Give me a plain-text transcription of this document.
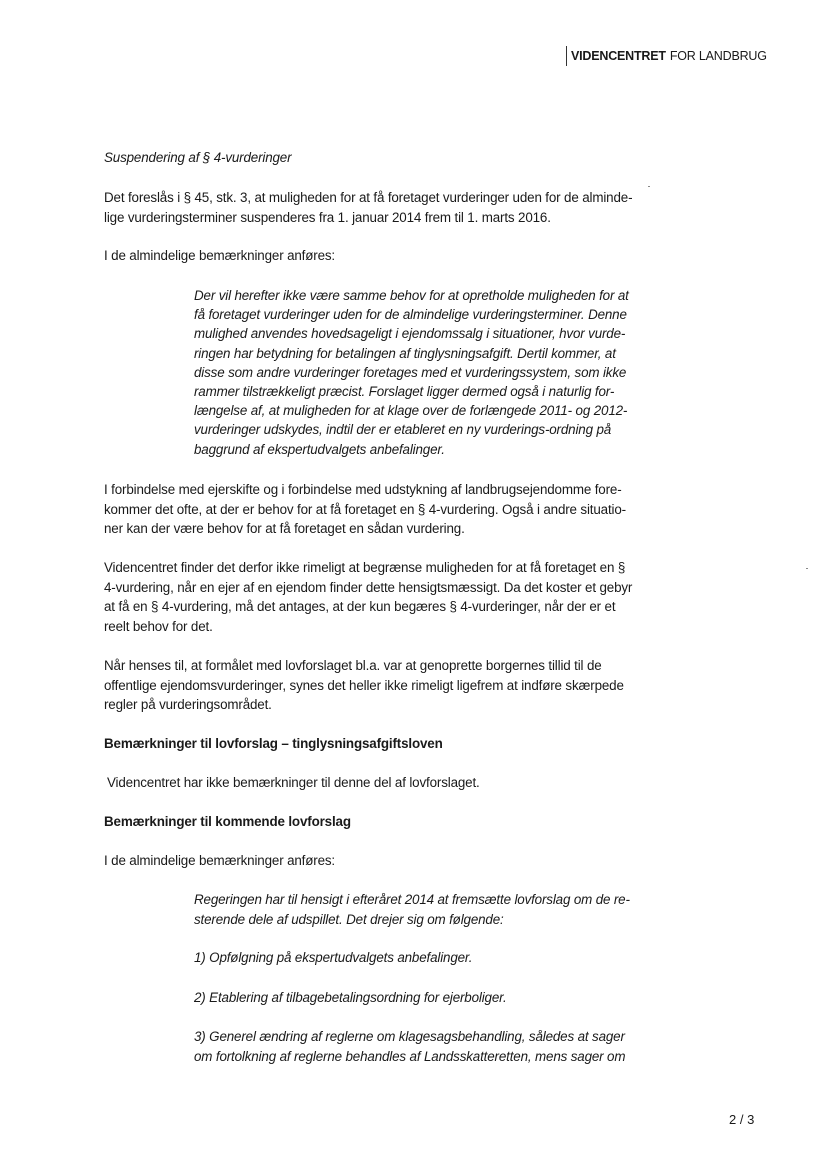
VIDENCENTRET FOR LANDBRUG

Suspendering af § 4-vurderinger

Det foreslås i § 45, stk. 3, at muligheden for at få foretaget vurderinger uden for de alminde-
lige vurderingsterminer suspenderes fra 1. januar 2014 frem til 1. marts 2016.

I de almindelige bemærkninger anføres:

Der vil herefter ikke være samme behov for at opretholde muligheden for at
få foretaget vurderinger uden for de almindelige vurderingsterminer. Denne
mulighed anvendes hovedsageligt i ejendomssalg i situationer, hvor vurde-
ringen har betydning for betalingen af tinglysningsafgift. Dertil kommer, at
disse som andre vurderinger foretages med et vurderingssystem, som ikke
rammer tilstrækkeligt præcist. Forslaget ligger dermed også i naturlig for-
længelse af, at muligheden for at klage over de forlængede 2011- og 2012-
vurderinger udskydes, indtil der er etableret en ny vurderings-ordning på
baggrund af ekspertudvalgets anbefalinger.

I forbindelse med ejerskifte og i forbindelse med udstykning af landbrugsejendomme fore-
kommer det ofte, at der er behov for at få foretaget en § 4-vurdering. Også i andre situatio-
ner kan der være behov for at få foretaget en sådan vurdering.

Videncentret finder det derfor ikke rimeligt at begrænse muligheden for at få foretaget en §
4-vurdering, når en ejer af en ejendom finder dette hensigtsmæssigt. Da det koster et gebyr
at få en § 4-vurdering, må det antages, at der kun begæres § 4-vurderinger, når der er et
reelt behov for det.

Når henses til, at formålet med lovforslaget bl.a. var at genoprette borgernes tillid til de
offentlige ejendomsvurderinger, synes det heller ikke rimeligt ligefrem at indføre skærpede
regler på vurderingsområdet.

Bemærkninger til lovforslag – tinglysningsafgiftsloven

Videncentret har ikke bemærkninger til denne del af lovforslaget.

Bemærkninger til kommende lovforslag

I de almindelige bemærkninger anføres:

Regeringen har til hensigt i efteråret 2014 at fremsætte lovforslag om de re-
sterende dele af udspillet. Det drejer sig om følgende:

1) Opfølgning på ekspertudvalgets anbefalinger.

2) Etablering af tilbagebetalingsordning for ejerboliger.

3) Generel ændring af reglerne om klagesagsbehandling, således at sager
om fortolkning af reglerne behandles af Landsskatteretten, mens sager om

2 / 3
